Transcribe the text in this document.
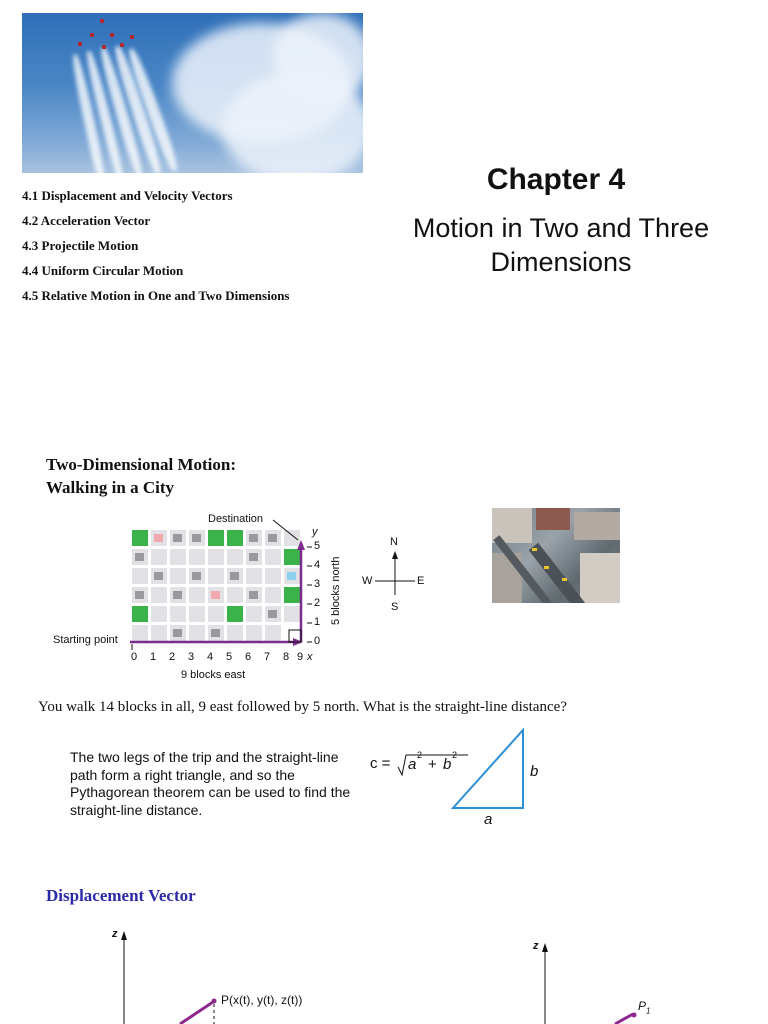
4.1 Displacement and Velocity Vectors
4.2 Acceleration Vector
4.3 Projectile Motion
4.4 Uniform Circular Motion
4.5 Relative Motion in One and Two Dimensions
Chapter 4
Motion in Two and Three Dimensions
Two-Dimensional Motion:
Walking in a City
Destination
Starting point
9 blocks east
y
x
5 blocks north
0 1 2 3 4 5 6 7 8 9
0
1
2
3
4
5	N
S
E
W
You walk 14 blocks in all, 9 east followed by 5 north. What is the straight-line distance?
The two legs of the trip and the straight-line path form a right triangle, and so the Pythagorean theorem can be used to find the straight-line distance.
c = a
2
+ b
2
b
a
Displacement Vector
z
z
P(x(t), y(t), z(t))	$P_1$
